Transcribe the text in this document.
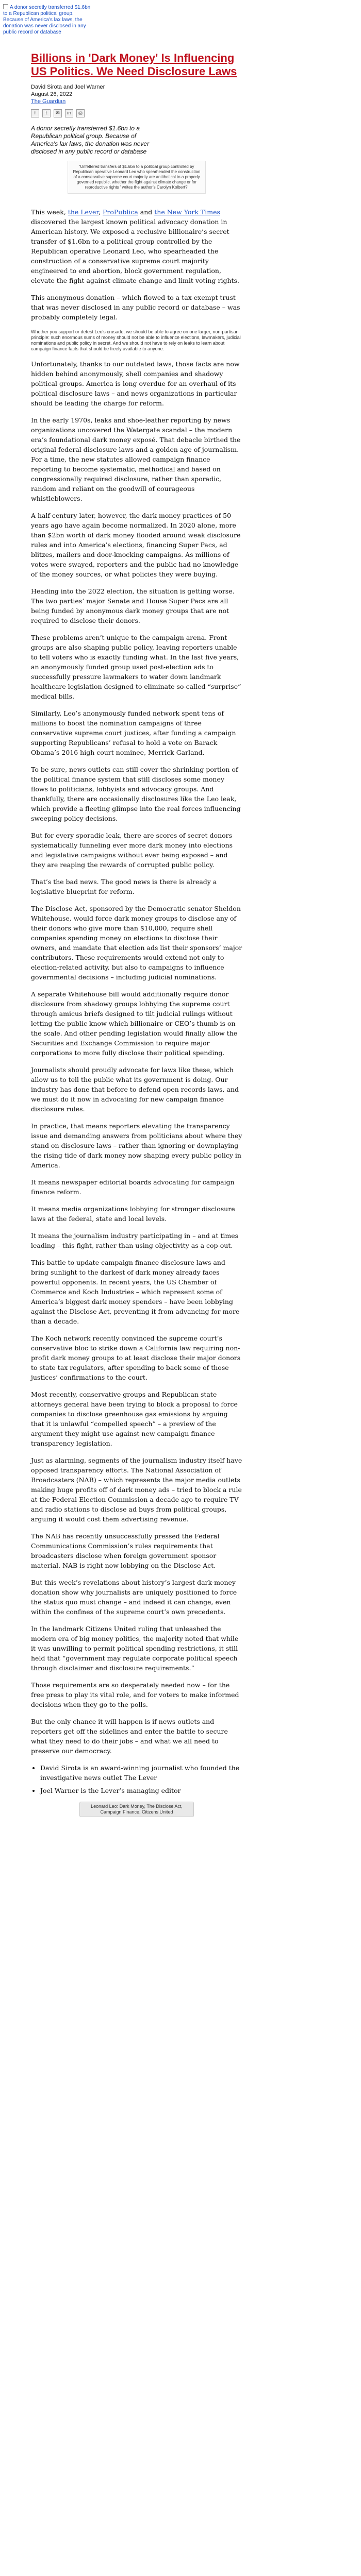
A donor secretly transferred $1.6bn to a Republican political group. Because of America's lax laws, the donation was never disclosed in any public record or database
Billions in 'Dark Money' Is Influencing US Politics. We Need Disclosure Laws
David Sirota and Joel Warner
August 26, 2022
The Guardian
f	t	✉	in	⎙
A donor secretly transferred $1.6bn to a Republican political group. Because of America's lax laws, the donation was never disclosed in any public record or database
‘Unfettered transfers of $1.6bn to a political group controlled by Republican operative Leonard Leo who spearheaded the construction of a conservative supreme court majority are antithetical to a properly governed republic, whether the fight against climate change or for reproductive rights ’ writes the author’s Carolyn Kolbert?’

This week, the Lever, ProPublica and the New York Times discovered the largest known political advocacy donation in American history. We exposed a reclusive billionaire’s secret transfer of $1.6bn to a political group controlled by the Republican operative Leonard Leo, who spearheaded the construction of a conservative supreme court majority engineered to end abortion, block government regulation, elevate the fight against climate change and limit voting rights.

This anonymous donation – which flowed to a tax-exempt trust that was never disclosed in any public record or database – was probably completely legal.

Whether you support or detest Leo's crusade, we should be able to agree on one larger, non-partisan principle: such enormous sums of money should not be able to influence elections, lawmakers, judicial nominations and public policy in secret. And we should not have to rely on leaks to learn about campaign finance facts that should be freely available to anyone.

Unfortunately, thanks to our outdated laws, those facts are now hidden behind anonymously, shell companies and shadowy political groups. America is long overdue for an overhaul of its political disclosure laws – and news organizations in particular should be leading the charge for reform.

In the early 1970s, leaks and shoe-leather reporting by news organizations uncovered the Watergate scandal – the modern era’s foundational dark money exposé. That debacle birthed the original federal disclosure laws and a golden age of journalism. For a time, the new statutes allowed campaign finance reporting to become systematic, methodical and based on congressionally required disclosure, rather than sporadic, random and reliant on the goodwill of courageous whistleblowers.

A half-century later, however, the dark money practices of 50 years ago have again become normalized. In 2020 alone, more than $2bn worth of dark money flooded around weak disclosure rules and into America’s elections, financing Super Pacs, ad blitzes, mailers and door-knocking campaigns. As millions of votes were swayed, reporters and the public had no knowledge of the money sources, or what policies they were buying.

Heading into the 2022 election, the situation is getting worse. The two parties’ major Senate and House Super Pacs are all being funded by anonymous dark money groups that are not required to disclose their donors.

These problems aren’t unique to the campaign arena. Front groups are also shaping public policy, leaving reporters unable to tell voters who is exactly funding what. In the last five years, an anonymously funded group used post-election ads to successfully pressure lawmakers to water down landmark healthcare legislation designed to eliminate so-called “surprise” medical bills.

Similarly, Leo’s anonymously funded network spent tens of millions to boost the nomination campaigns of three conservative supreme court justices, after funding a campaign supporting Republicans’ refusal to hold a vote on Barack Obama’s 2016 high court nominee, Merrick Garland.

To be sure, news outlets can still cover the shrinking portion of the political finance system that still discloses some money flows to politicians, lobbyists and advocacy groups. And thankfully, there are occasionally disclosures like the Leo leak, which provide a fleeting glimpse into the real forces influencing sweeping policy decisions.

But for every sporadic leak, there are scores of secret donors systematically funneling ever more dark money into elections and legislative campaigns without ever being exposed – and they are reaping the rewards of corrupted public policy.

That’s the bad news. The good news is there is already a legislative blueprint for reform.

The Disclose Act, sponsored by the Democratic senator Sheldon Whitehouse, would force dark money groups to disclose any of their donors who give more than $10,000, require shell companies spending money on elections to disclose their owners, and mandate that election ads list their sponsors’ major contributors. These requirements would extend not only to election-related activity, but also to campaigns to influence governmental decisions – including judicial nominations.

A separate Whitehouse bill would additionally require donor disclosure from shadowy groups lobbying the supreme court through amicus briefs designed to tilt judicial rulings without letting the public know which billionaire or CEO’s thumb is on the scale. And other pending legislation would finally allow the Securities and Exchange Commission to require major corporations to more fully disclose their political spending.

Journalists should proudly advocate for laws like these, which allow us to tell the public what its government is doing. Our industry has done that before to defend open records laws, and we must do it now in advocating for new campaign finance disclosure rules.

In practice, that means reporters elevating the transparency issue and demanding answers from politicians about where they stand on disclosure laws – rather than ignoring or downplaying the rising tide of dark money now shaping every public policy in America.

It means newspaper editorial boards advocating for campaign finance reform.

It means media organizations lobbying for stronger disclosure laws at the federal, state and local levels.

It means the journalism industry participating in – and at times leading – this fight, rather than using objectivity as a cop-out.

This battle to update campaign finance disclosure laws and bring sunlight to the darkest of dark money already faces powerful opponents. In recent years, the US Chamber of Commerce and Koch Industries – which represent some of America’s biggest dark money spenders – have been lobbying against the Disclose Act, preventing it from advancing for more than a decade.

The Koch network recently convinced the supreme court’s conservative bloc to strike down a California law requiring non-profit dark money groups to at least disclose their major donors to state tax regulators, after spending to back some of those justices’ confirmations to the court.

Most recently, conservative groups and Republican state attorneys general have been trying to block a proposal to force companies to disclose greenhouse gas emissions by arguing that it is unlawful “compelled speech” – a preview of the argument they might use against new campaign finance transparency legislation.

Just as alarming, segments of the journalism industry itself have opposed transparency efforts. The National Association of Broadcasters (NAB) – which represents the major media outlets making huge profits off of dark money ads – tried to block a rule at the Federal Election Commission a decade ago to require TV and radio stations to disclose ad buys from political groups, arguing it would cost them advertising revenue.

The NAB has recently unsuccessfully pressed the Federal Communications Commission’s rules requirements that broadcasters disclose when foreign government sponsor material. NAB is right now lobbying on the Disclose Act.

But this week’s revelations about history’s largest dark-money donation show why journalists are uniquely positioned to force the status quo must change – and indeed it can change, even within the confines of the supreme court’s own precedents.

In the landmark Citizens United ruling that unleashed the modern era of big money politics, the majority noted that while it was unwilling to permit political spending restrictions, it still held that “government may regulate corporate political speech through disclaimer and disclosure requirements.”

Those requirements are so desperately needed now – for the free press to play its vital role, and for voters to make informed decisions when they go to the polls.

But the only chance it will happen is if news outlets and reporters get off the sidelines and enter the battle to secure what they need to do their jobs – and what we all need to preserve our democracy.

• David Sirota is an award-winning journalist who founded the investigative news outlet The Lever
• Joel Warner is the Lever’s managing editor
Leonard Leo: Dark Money, The Disclose Act, Campaign Finance, Citizens United
